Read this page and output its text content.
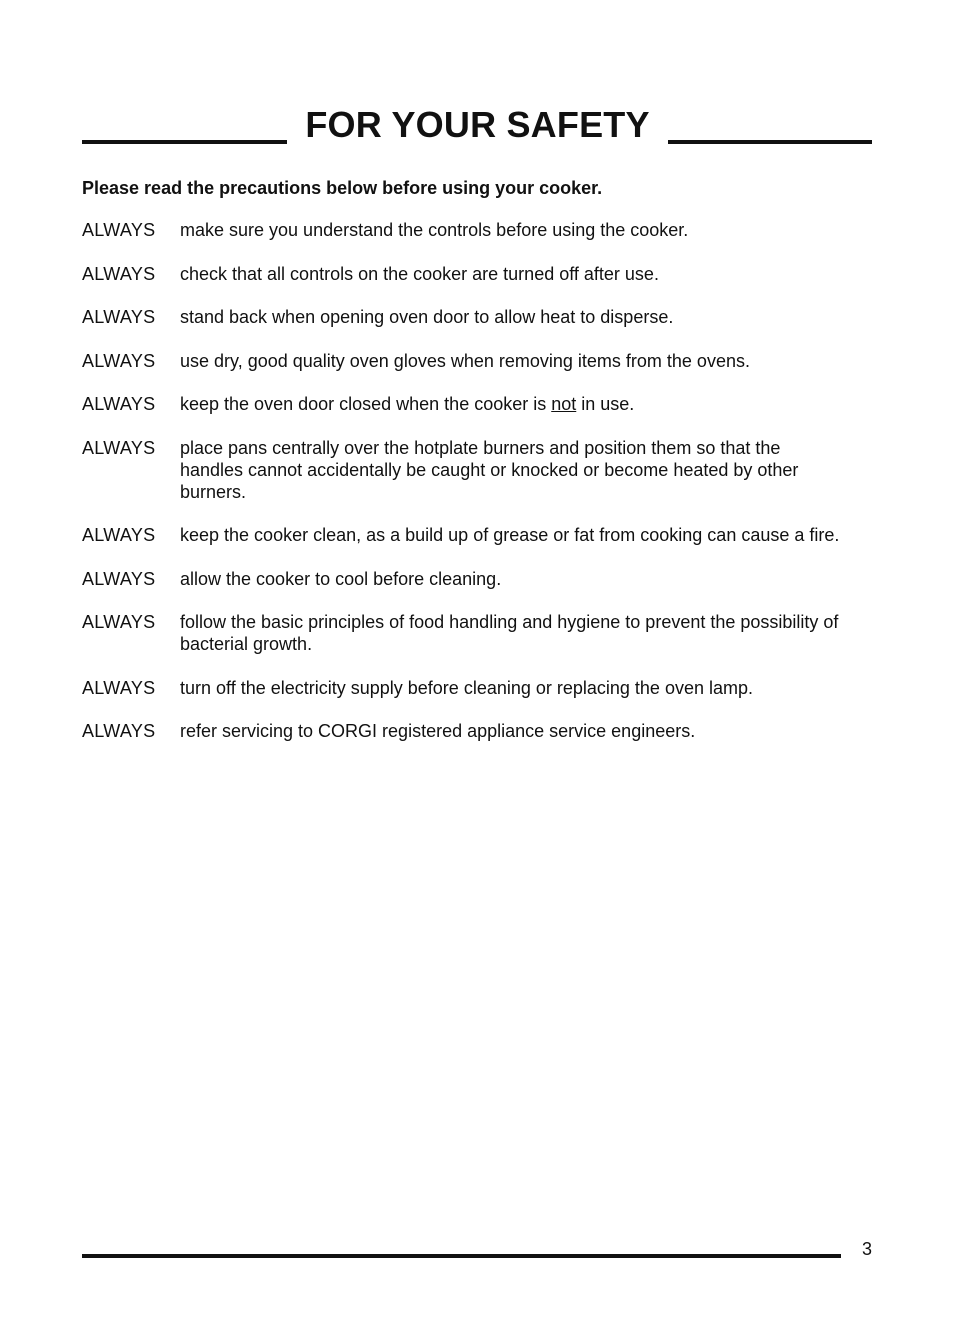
FOR YOUR SAFETY

Please read the precautions below before using your cooker.

ALWAYS	make sure you understand the controls before using the cooker.
ALWAYS	check that all controls on the cooker are turned off after use.
ALWAYS	stand back when opening oven door to allow heat to disperse.
ALWAYS	use dry, good quality oven gloves when removing items from the ovens.
ALWAYS	keep the oven door closed when the cooker is not in use.
ALWAYS	place pans centrally over the hotplate burners and position them so that the handles cannot accidentally be caught or knocked or become heated by other burners.
ALWAYS	keep the cooker clean, as a build up of grease or fat from cooking can cause a fire.
ALWAYS	allow the cooker to cool before cleaning.
ALWAYS	follow the basic principles of food handling and hygiene to prevent the possibility of bacterial growth.
ALWAYS	turn off the electricity supply before cleaning or replacing the oven lamp.
ALWAYS	refer servicing to CORGI registered appliance service engineers.
3
